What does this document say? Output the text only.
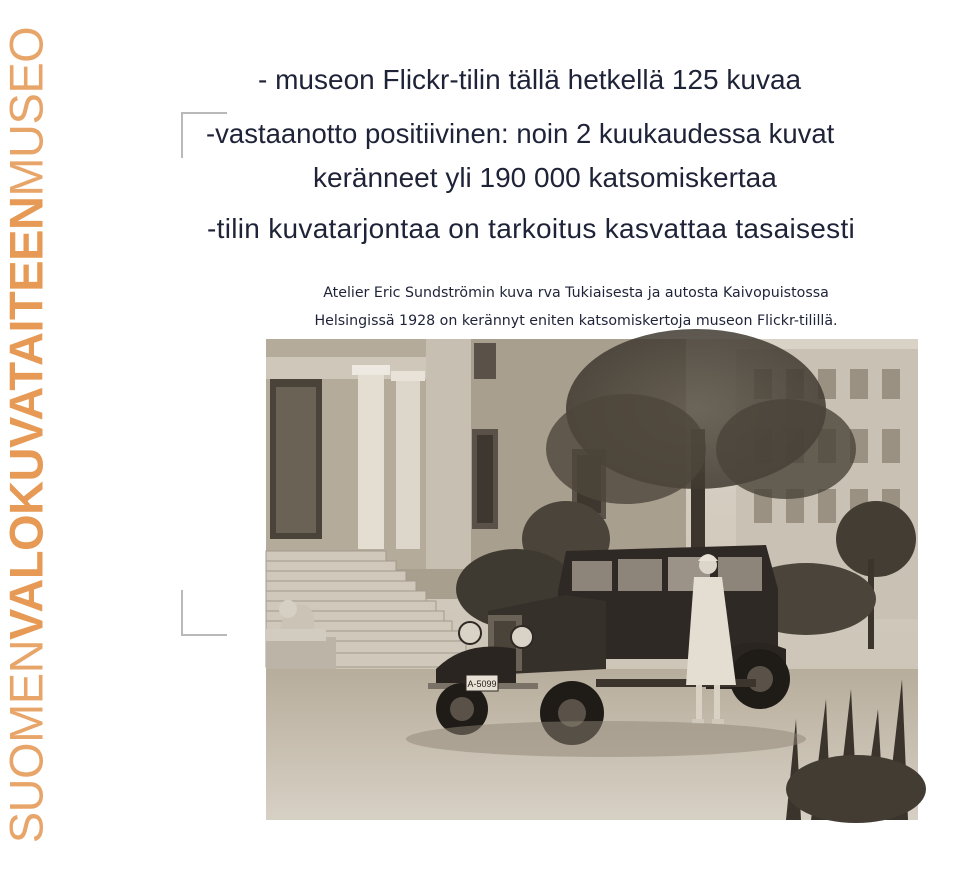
SUOMENVALOKUVATAITEENMUSEO	- museon Flickr-tilin tällä hetkellä 125 kuvaa
-vastaanotto positiivinen: noin 2 kuukaudessa kuvat
keränneet yli 190 000 katsomiskertaa
-tilin kuvatarjontaa on tarkoitus kasvattaa tasaisesti
Atelier Eric Sundströmin kuva rva Tukiaisesta ja autosta Kaivopuistossa
Helsingissä 1928 on kerännyt eniten katsomiskertoja museon Flickr-tilillä.
A-5099
